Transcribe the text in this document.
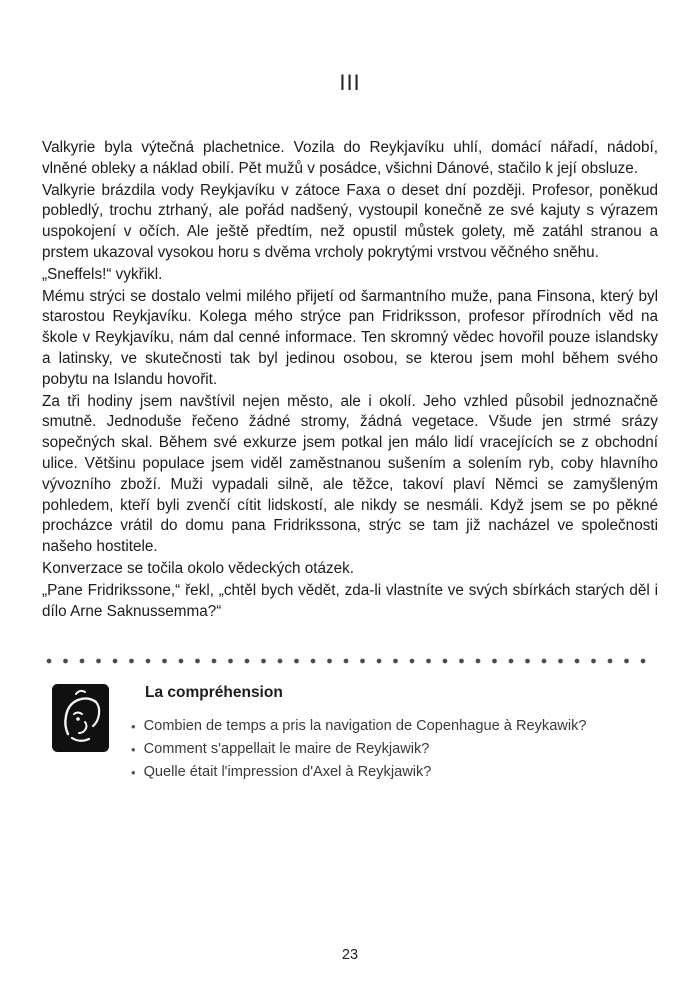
III

Valkyrie byla výtečná plachetnice. Vozila do Reykjavíku uhlí, domácí nářadí, nádobí, vlněné obleky a náklad obilí. Pět mužů v posádce, všichni Dánové, stačilo k její obsluze.

Valkyrie brázdila vody Reykjavíku v zátoce Faxa o deset dní později. Profesor, poněkud pobledlý, trochu ztrhaný, ale pořád nadšený, vystoupil konečně ze své kajuty s výrazem uspokojení v očích. Ale ještě předtím, než opustil můstek golety, mě zatáhl stranou a prstem ukazoval vysokou horu s dvěma vrcholy pokrytými vrstvou věčného sněhu.

„Sneffels!“ vykřikl.

Mému strýci se dostalo velmi milého přijetí od šarmantního muže, pana Finsona, který byl starostou Reykjavíku. Kolega mého strýce pan Fridriksson, profesor přírodních věd na škole v Reykjavíku, nám dal cenné informace. Ten skromný vědec hovořil pouze islandsky a latinsky, ve skutečnosti tak byl jedinou osobou, se kterou jsem mohl během svého pobytu na Islandu hovořit.

Za tři hodiny jsem navštívil nejen město, ale i okolí. Jeho vzhled působil jednoznačně smutně. Jednoduše řečeno žádné stromy, žádná vegetace. Všude jen strmé srázy sopečných skal. Během své exkurze jsem potkal jen málo lidí vracejících se z obchodní ulice. Většinu populace jsem viděl zaměstnanou sušením a solením ryb, coby hlavního vývozního zboží. Muži vypadali silně, ale těžce, takoví plaví Němci se zamyšleným pohledem, kteří byli zvenčí cítit lidskostí, ale nikdy se nesmáli. Když jsem se po pěkné procházce vrátil do domu pana Fridrikssona, strýc se tam již nacházel ve společnosti našeho hostitele.

Konverzace se točila okolo vědeckých otázek.

„Pane Fridrikssone,“ řekl, „chtěl bych vědět, zda-li vlastníte ve svých sbírkách starých děl i dílo Arne Saknussemma?“

La compréhension
• Combien de temps a pris la navigation de Copenhague à Reykawik?
• Comment s'appellait le maire de Reykjawik?
• Quelle était l'impression d'Axel à Reykjawik?
23
